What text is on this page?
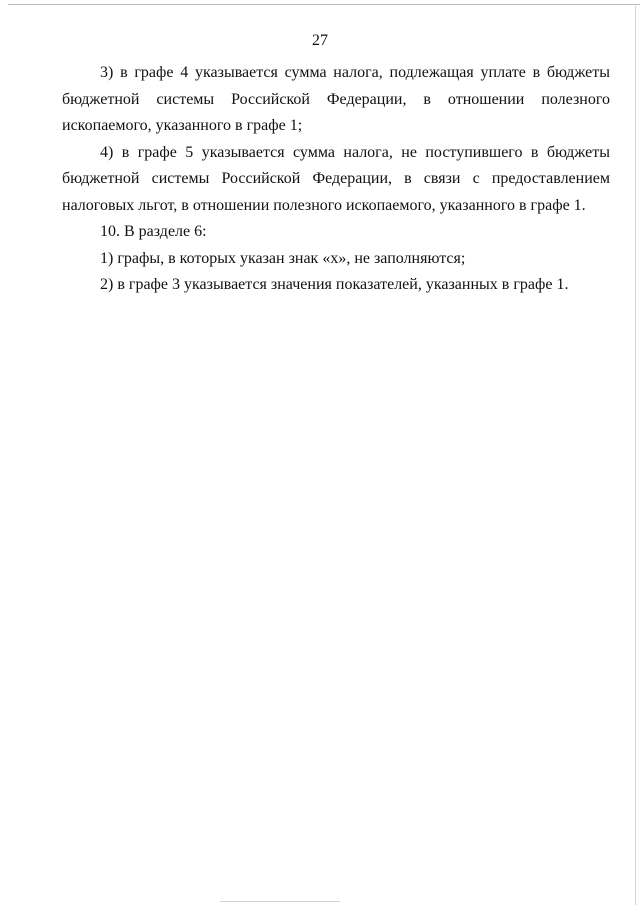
27

3) в графе 4 указывается сумма налога, подлежащая уплате в бюджеты бюджетной системы Российской Федерации, в отношении полезного ископаемого, указанного в графе 1;

4) в графе 5 указывается сумма налога, не поступившего в бюджеты бюджетной системы Российской Федерации, в связи с предоставлением налоговых льгот, в отношении полезного ископаемого, указанного в графе 1.

10. В разделе 6:

1) графы, в которых указан знак «х», не заполняются;

2) в графе 3 указывается значения показателей, указанных в графе 1.
